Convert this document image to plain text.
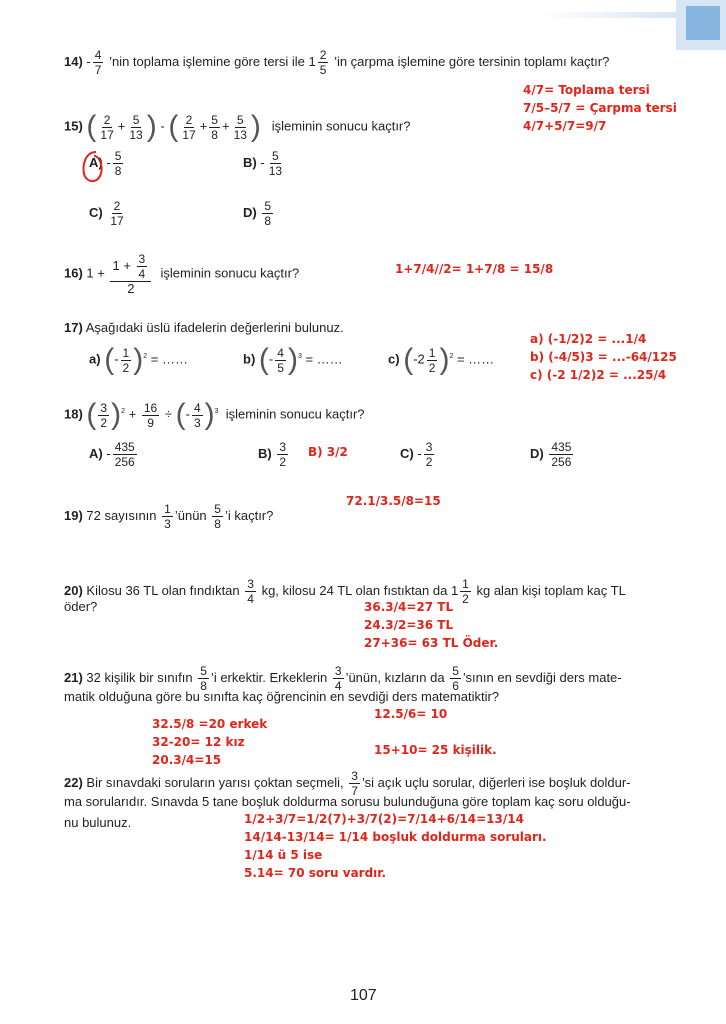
$14) - \frac{4}{7}$ ’nin toplama işlemine göre tersi ile $1 \frac{2}{5}$ ’in çarpma işlemine göre tersinin toplamı kaçtır?
4/7= Toplama tersi
7/5–5/7 = Çarpma tersi
4/7+5/7=9/7
15) ( $\frac{2}{17} + \frac{5}{13}$ ) - ( $\frac{2}{17} + \frac{5}{8} + \frac{5}{13}$ ) işleminin sonucu kaçtır?
$A) - \frac{5}{8}$	$B) - \frac{5}{13}$
$C) \frac{2}{17}$	$D) \frac{5}{8}$
16) $1 + \frac{1 + \frac{3}{4}}{2}$ işleminin sonucu kaçtır?	1+7/4//2= 1+7/8 = 15/8
17) Aşağıdaki üslü ifadelerin değerlerini bulunuz.
a) (- $\frac{1}{2} )^2$ = ……	b) (- $\frac{4}{5} )^3$ = ……	c) $(-2 \frac{1}{2} )^2$ = ……
a) (-1/2)2 = ...1/4
b) (-4/5)3 = ...-64/125
c) (-2 1/2)2 = ...25/4
18) ( $\frac{3}{2} )^2 + \frac{16}{9}$ ÷ (- $\frac{4}{3} )^3$ işleminin sonucu kaçtır?
$A) - \frac{435}{256}$	$B) \frac{3}{2} B$) 3/2	$C) - \frac{3}{2}$	$D) \frac{435}{256}$
19) 72 sayısının $\frac{1}{3}$ ’ünün $\frac{5}{8}$ ’i kaçtır?
72.1/3.5/8=15
20) Kilosu 36 TL olan fındıktan $\frac{3}{4}$ kg, kilosu 24 TL olan fıstıktan da $1 \frac{1}{2}$ kg alan kişi toplam kaç TL
öder?	36.3/4=27 TL
24.3/2=36 TL
27+36= 63 TL Öder.
21) 32 kişilik bir sınıfın $\frac{5}{8}$ ’i erkektir. Erkeklerin $\frac{3}{4}$ ’ünün, kızların da $\frac{5}{6}$ ’sının en sevdiği ders mate-
matik olduğuna göre bu sınıfta kaç öğrencinin en sevdiği ders matematiktir?
12.5/6= 10
15+10= 25 kişilik.
32.5/8 =20 erkek
32-20= 12 kız
20.3/4=15
22) Bir sınavdaki soruların yarısı çoktan seçmeli, $\frac{3}{7}$ ’si açık uçlu sorular, diğerleri ise boşluk doldur-
ma sorularıdır. Sınavda 5 tane boşluk doldurma sorusu bulunduğuna göre toplam kaç soru olduğu-
nu bulunuz.	1/2+3/7=1/2(7)+3/7(2)=7/14+6/14=13/14
14/14-13/14= 1/14 boşluk doldurma soruları.
1/14 ü 5 ise
5.14= 70 soru vardır.
107
